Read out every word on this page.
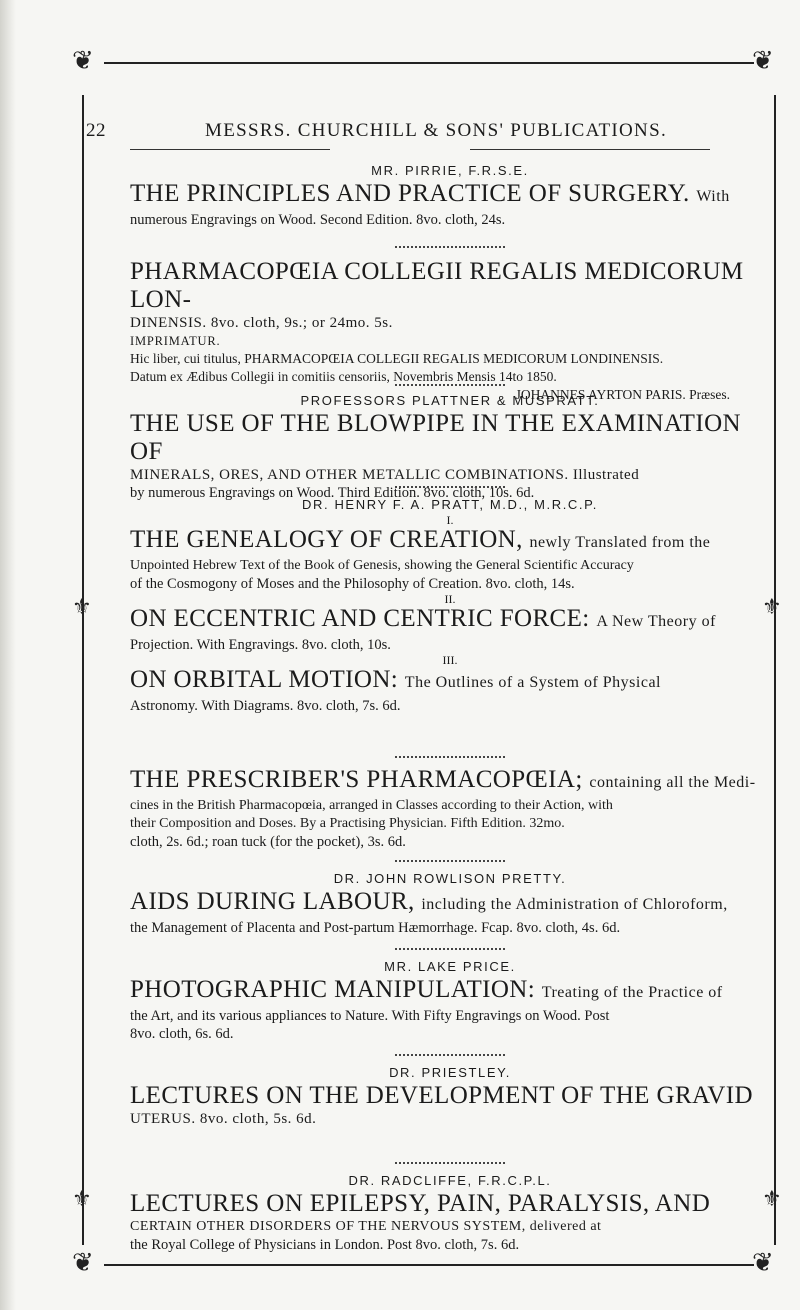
❦	❦
❦	❦
⚜	⚜
⚜	⚜
22	MESSRS. CHURCHILL & SONS' PUBLICATIONS.

MR. PIRRIE, F.R.S.E.

THE PRINCIPLES AND PRACTICE OF SURGERY. With

numerous Engravings on Wood. Second Edition. 8vo. cloth, 24s.

PHARMACOPŒIA COLLEGII REGALIS MEDICORUM LON-

DINENSIS. 8vo. cloth, 9s.; or 24mo. 5s.

IMPRIMATUR.

Hic liber, cui titulus, PHARMACOPŒIA COLLEGII REGALIS MEDICORUM LONDINENSIS.

Datum ex Ædibus Collegii in comitiis censoriis, Novembris Mensis 14to 1850.

JOHANNES AYRTON PARIS. Præses.

PROFESSORS PLATTNER & MUSPRATT.

THE USE OF THE BLOWPIPE IN THE EXAMINATION OF

MINERALS, ORES, AND OTHER METALLIC COMBINATIONS. Illustrated

by numerous Engravings on Wood. Third Edition. 8vo. cloth, 10s. 6d.

DR. HENRY F. A. PRATT, M.D., M.R.C.P.

I.

THE GENEALOGY OF CREATION, newly Translated from the

Unpointed Hebrew Text of the Book of Genesis, showing the General Scientific Accuracy

of the Cosmogony of Moses and the Philosophy of Creation. 8vo. cloth, 14s.

II.

ON ECCENTRIC AND CENTRIC FORCE: A New Theory of

Projection. With Engravings. 8vo. cloth, 10s.

III.

ON ORBITAL MOTION: The Outlines of a System of Physical

Astronomy. With Diagrams. 8vo. cloth, 7s. 6d.

THE PRESCRIBER'S PHARMACOPŒIA; containing all the Medi-

cines in the British Pharmacopœia, arranged in Classes according to their Action, with

their Composition and Doses. By a Practising Physician. Fifth Edition. 32mo.

cloth, 2s. 6d.; roan tuck (for the pocket), 3s. 6d.

DR. JOHN ROWLISON PRETTY.

AIDS DURING LABOUR, including the Administration of Chloroform,

the Management of Placenta and Post-partum Hæmorrhage. Fcap. 8vo. cloth, 4s. 6d.

MR. LAKE PRICE.

PHOTOGRAPHIC MANIPULATION: Treating of the Practice of

the Art, and its various appliances to Nature. With Fifty Engravings on Wood. Post

8vo. cloth, 6s. 6d.

DR. PRIESTLEY.

LECTURES ON THE DEVELOPMENT OF THE GRAVID

UTERUS. 8vo. cloth, 5s. 6d.

DR. RADCLIFFE, F.R.C.P.L.

LECTURES ON EPILEPSY, PAIN, PARALYSIS, AND

CERTAIN OTHER DISORDERS OF THE NERVOUS SYSTEM, delivered at

the Royal College of Physicians in London. Post 8vo. cloth, 7s. 6d.
